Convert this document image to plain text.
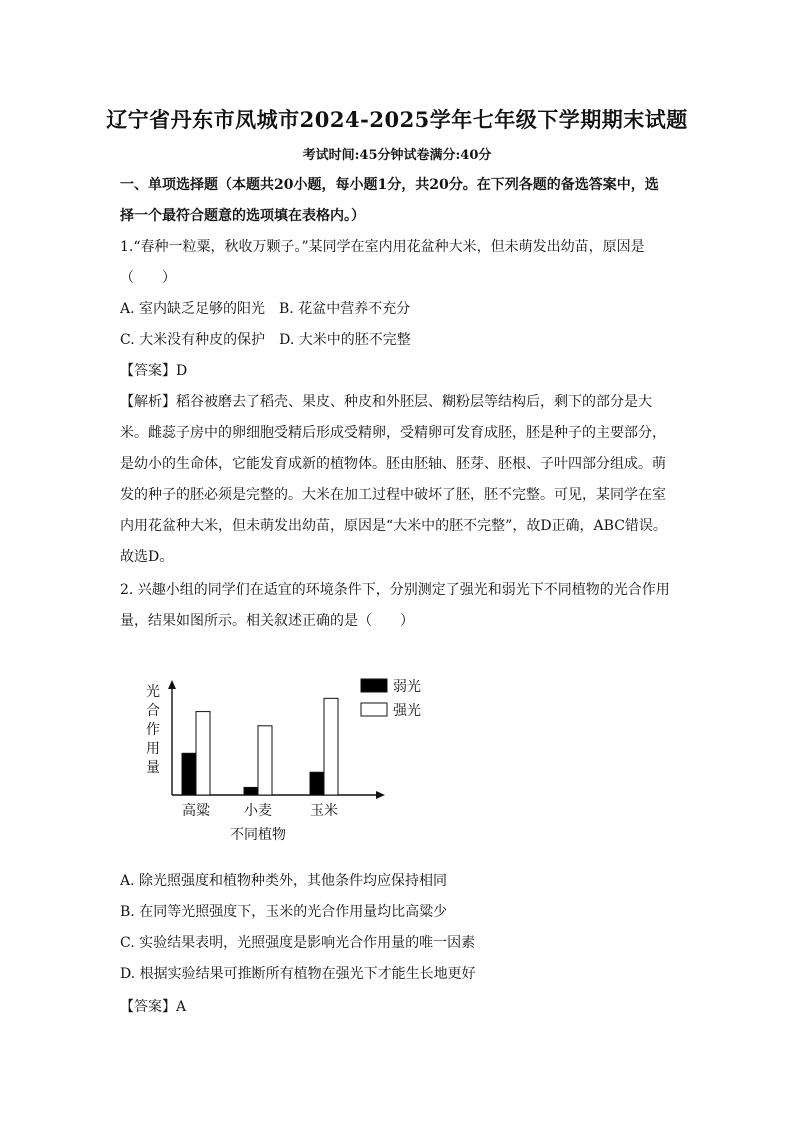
辽宁省丹东市凤城市2024-2025学年七年级下学期期末试题
考试时间:45分钟试卷满分:40分
一、单项选择题（本题共20小题，每小题1分，共20分。在下列各题的备选答案中，选
择一个最符合题意的选项填在表格内。）
1.“春种一粒粟，秋收万颗子。”某同学在室内用花盆种大米，但未萌发出幼苗，原因是
（　　）
A. 室内缺乏足够的阳光　B. 花盆中营养不充分
C. 大米没有种皮的保护　D. 大米中的胚不完整
【答案】D
【解析】稻谷被磨去了稻壳、果皮、种皮和外胚层、糊粉层等结构后，剩下的部分是大
米。雌蕊子房中的卵细胞受精后形成受精卵，受精卵可发育成胚，胚是种子的主要部分，
是幼小的生命体，它能发育成新的植物体。胚由胚轴、胚芽、胚根、子叶四部分组成。萌
发的种子的胚必须是完整的。大米在加工过程中破坏了胚，胚不完整。可见，某同学在室
内用花盆种大米，但未萌发出幼苗，原因是“大米中的胚不完整”，故D正确，ABC错误。
故选D。
2. 兴趣小组的同学们在适宜的环境条件下，分别测定了强光和弱光下不同植物的光合作用
量，结果如图所示。相关叙述正确的是（　　）
高粱 小麦	玉米
光
合
作
用
量
不同植物
弱光
强光
A. 除光照强度和植物种类外，其他条件均应保持相同
B. 在同等光照强度下，玉米的光合作用量均比高粱少
C. 实验结果表明，光照强度是影响光合作用量的唯一因素
D. 根据实验结果可推断所有植物在强光下才能生长地更好
【答案】A
